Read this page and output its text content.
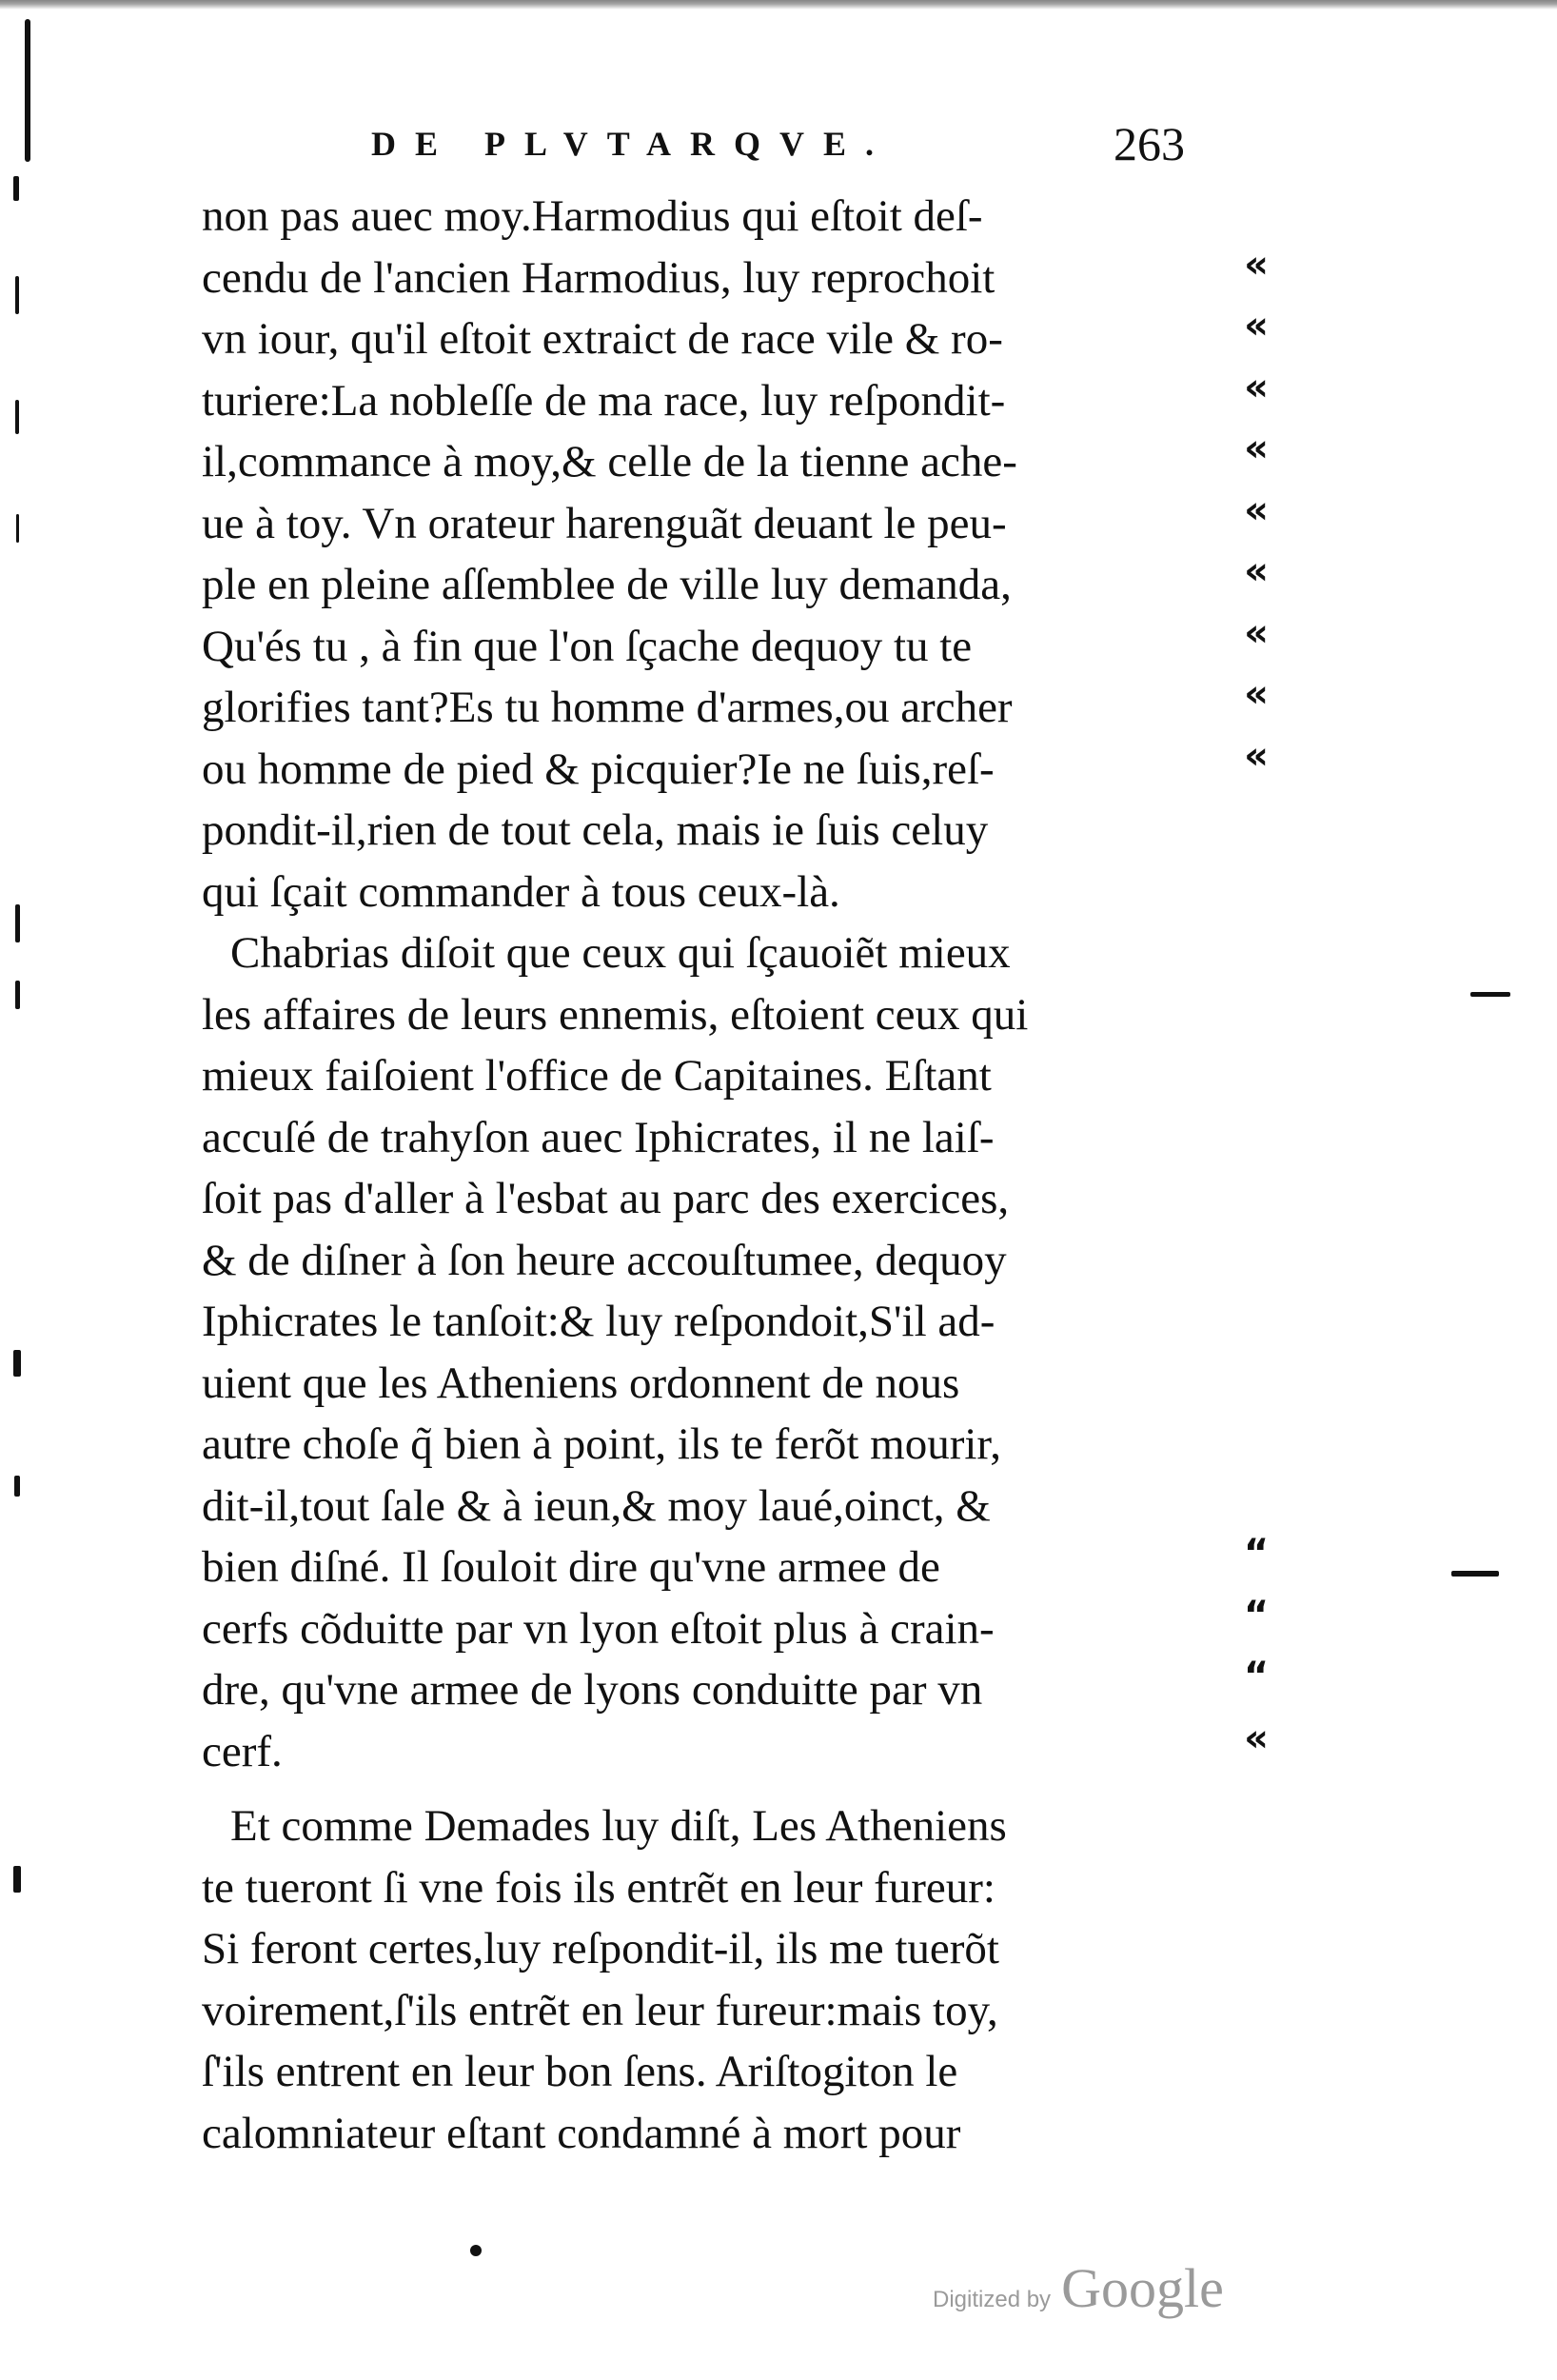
DE PLVTARQVE.	263
non pas auec moy.Harmodius qui eſtoit deſ-
cendu de l'ancien Harmodius, luy reprochoit
vn iour, qu'il eſtoit extraict de race vile & ro-
turiere:La nobleſſe de ma race, luy reſpondit-
il,commance à moy,& celle de la tienne ache-
ue à toy. Vn orateur harenguãt deuant le peu-
ple en pleine aſſemblee de ville luy demanda,
Qu'és tu , à fin que l'on ſçache dequoy tu te
glorifies tant?Es tu homme d'armes,ou archer
ou homme de pied & picquier?Ie ne ſuis,reſ-
pondit-il,rien de tout cela, mais ie ſuis celuy
qui ſçait commander à tous ceux-là.
Chabrias diſoit que ceux qui ſçauoiẽt mieux
les affaires de leurs ennemis, eſtoient ceux qui
mieux faiſoient l'office de Capitaines. Eſtant
accuſé de trahyſon auec Iphicrates, il ne laiſ-
ſoit pas d'aller à l'esbat au parc des exercices,
& de diſner à ſon heure accouſtumee, dequoy
Iphicrates le tanſoit:& luy reſpondoit,S'il ad-
uient que les Atheniens ordonnent de nous
autre choſe q̃ bien à point, ils te ferõt mourir,
dit-il,tout ſale & à ieun,& moy laué,oinct, &
bien diſné. Il ſouloit dire qu'vne armee de
cerfs cõduitte par vn lyon eſtoit plus à crain-
dre, qu'vne armee de lyons conduitte par vn
cerf.
Et comme Demades luy diſt, Les Atheniens
te tueront ſi vne fois ils entrẽt en leur fureur:
Si feront certes,luy reſpondit-il, ils me tuerõt
voirement,ſ'ils entrẽt en leur fureur:mais toy,
ſ'ils entrent en leur bon ſens. Ariſtogiton le
calomniateur eſtant condamné à mort pour
«
«
«
«
«
«
«
«
«
“
“
“
«
Digitized by Google
